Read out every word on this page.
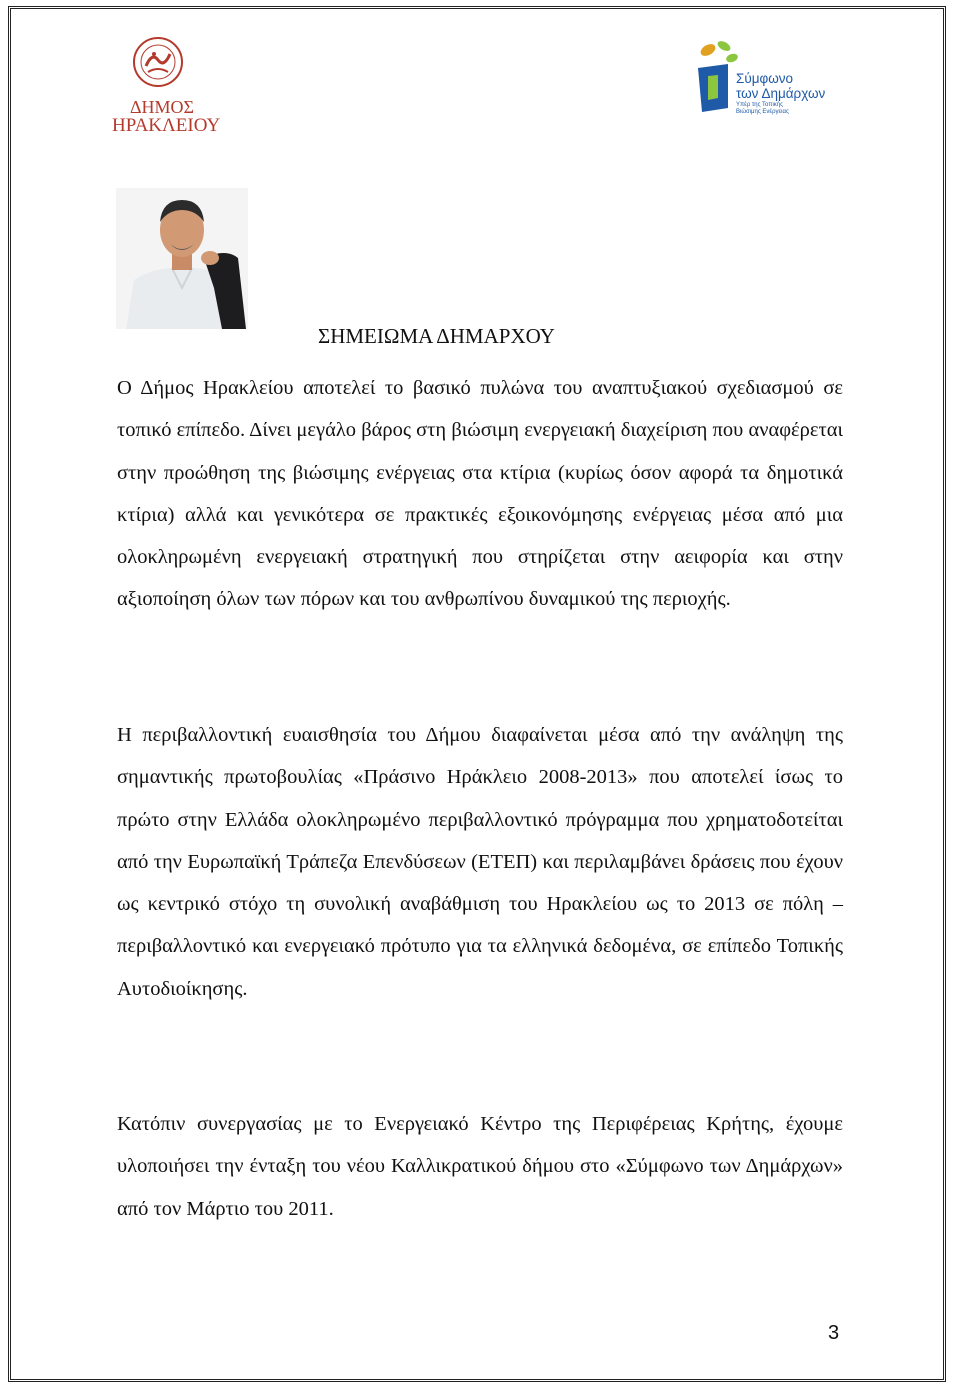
ΔΗΜΟΣ
ΗΡΑΚΛΕΙΟΥ
Σύμφωνο
των Δημάρχων
Υπέρ της Τοπικής
Βιώσιμης Ενέργειας
ΣΗΜΕΙΩΜΑ ΔΗΜΑΡΧΟΥ

Ο Δήμος Ηρακλείου αποτελεί το βασικό πυλώνα του αναπτυξιακού σχεδιασμού σε τοπικό επίπεδο. Δίνει μεγάλο βάρος στη βιώσιμη ενεργειακή διαχείριση που αναφέρεται στην προώθηση της βιώσιμης ενέργειας στα κτίρια (κυρίως όσον αφορά τα δημοτικά κτίρια) αλλά και γενικότερα σε πρακτικές εξοικονόμησης ενέργειας μέσα από μια ολοκληρωμένη ενεργειακή στρατηγική που στηρίζεται στην αειφορία και στην αξιοποίηση όλων των πόρων και του ανθρωπίνου δυναμικού της περιοχής.

Η περιβαλλοντική ευαισθησία του Δήμου διαφαίνεται μέσα από την ανάληψη της σημαντικής πρωτοβουλίας «Πράσινο Ηράκλειο 2008-2013» που αποτελεί ίσως το πρώτο στην Ελλάδα ολοκληρωμένο περιβαλλοντικό πρόγραμμα που χρηματοδοτείται από την Ευρωπαϊκή Τράπεζα Επενδύσεων (ΕΤΕΠ) και περιλαμβάνει δράσεις που έχουν ως κεντρικό στόχο τη συνολική αναβάθμιση του Ηρακλείου ως το 2013 σε πόλη –περιβαλλοντικό και ενεργειακό πρότυπο για τα ελληνικά δεδομένα, σε επίπεδο Τοπικής Αυτοδιοίκησης.

Κατόπιν συνεργασίας με το Ενεργειακό Κέντρο της Περιφέρειας Κρήτης, έχουμε υλοποιήσει την ένταξη του νέου Καλλικρατικού δήμου στο «Σύμφωνο των Δημάρχων» από τον Μάρτιο του 2011.

3
